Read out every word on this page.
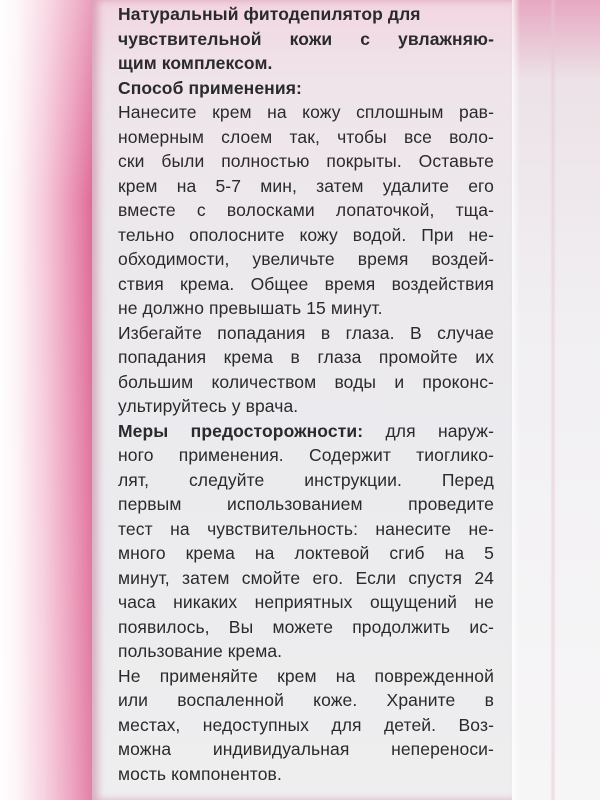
Натуральный фитодепилятор для
чувствительной кожи с увлажняю-
щим комплексом.
Способ применения:
Нанесите крем на кожу сплошным рав-
номерным слоем так, чтобы все воло-
ски были полностью покрыты. Оставьте
крем на 5-7 мин, затем удалите его
вместе с волосками лопаточкой, тща-
тельно ополосните кожу водой. При не-
обходимости, увеличьте время воздей-
ствия крема. Общее время воздействия
не должно превышать 15 минут.
Избегайте попадания в глаза. В случае
попадания крема в глаза промойте их
большим количеством воды и проконс-
ультируйтесь у врача.
Меры предосторожности: для наруж-
ного применения. Содержит тиоглико-
лят, следуйте инструкции. Перед
первым использованием проведите
тест на чувствительность: нанесите не-
много крема на локтевой сгиб на 5
минут, затем смойте его. Если спустя 24
часа никаких неприятных ощущений не
появилось, Вы можете продолжить ис-
пользование крема.
Не применяйте крем на поврежденной
или воспаленной коже. Храните в
местах, недоступных для детей. Воз-
можна индивидуальная неперенoси-
мость компонентов.
